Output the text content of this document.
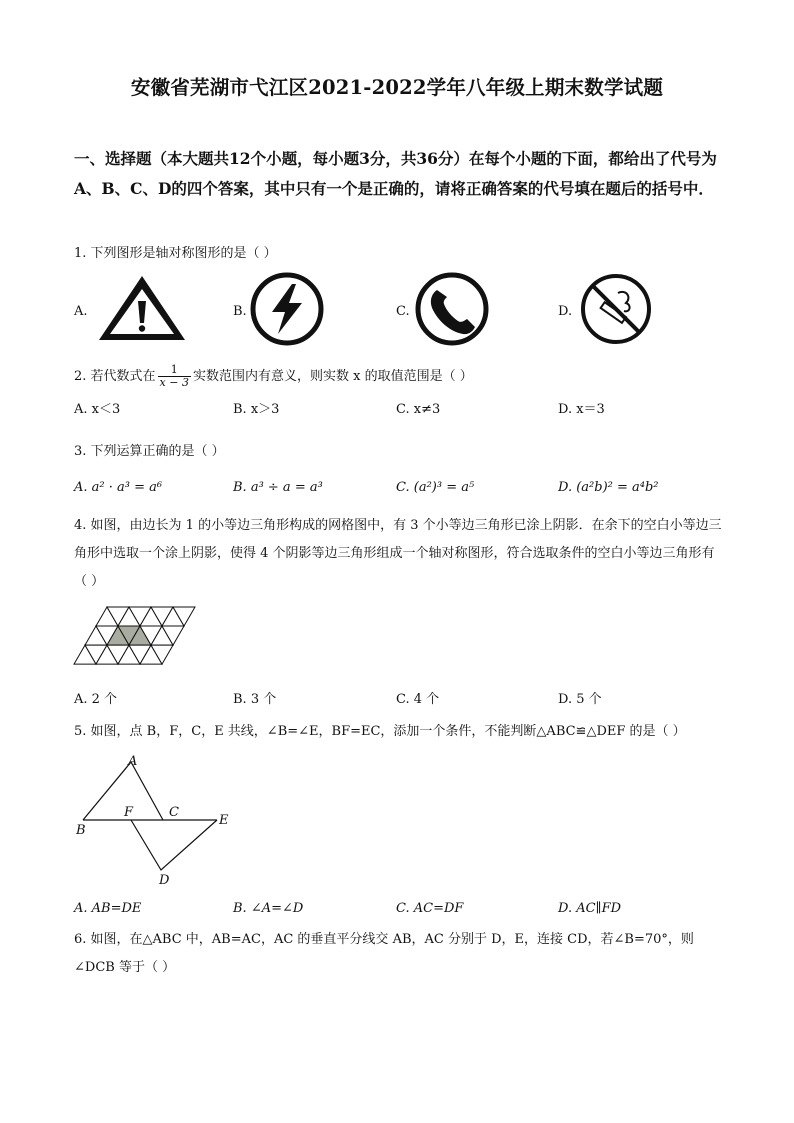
安徽省芜湖市弋江区2021-2022学年八年级上期末数学试题
一、选择题（本大题共12个小题，每小题3分，共36分）在每个小题的下面，都给出了代号为A、B、C、D的四个答案，其中只有一个是正确的，请将正确答案的代号填在题后的括号中．
1. 下列图形是轴对称图形的是（ ）
A.	B.	C.	D.
2. 若代数式在 $\frac{1}{x - 3}$ 实数范围内有意义，则实数 x 的取值范围是（ ）
A. x＜3	B. x＞3	C. x≠3	D. x＝3
3. 下列运算正确的是（ ）
A. a² · a³ = a⁶	B. a³ ÷ a = a³	C. (a²)³ = a⁵	D. (a²b)² = a⁴b²
4. 如图，由边长为 1 的小等边三角形构成的网格图中，有 3 个小等边三角形已涂上阴影．在余下的空白小等边三角形中选取一个涂上阴影，使得 4 个阴影等边三角形组成一个轴对称图形，符合选取条件的空白小等边三角形有（ ）
A. 2 个	B. 3 个	C. 4 个	D. 5 个
5. 如图，点 B，F，C，E 共线，∠B=∠E，BF=EC，添加一个条件，不能判断△ABC≌△DEF 的是（ ）
A
B
F	C
E
D
A. AB=DE	B. ∠A=∠D	C. AC=DF	D. AC∥FD
6. 如图，在△ABC 中，AB=AC，AC 的垂直平分线交 AB，AC 分别于 D，E，连接 CD，若∠B=70°，则∠DCB 等于（ ）
